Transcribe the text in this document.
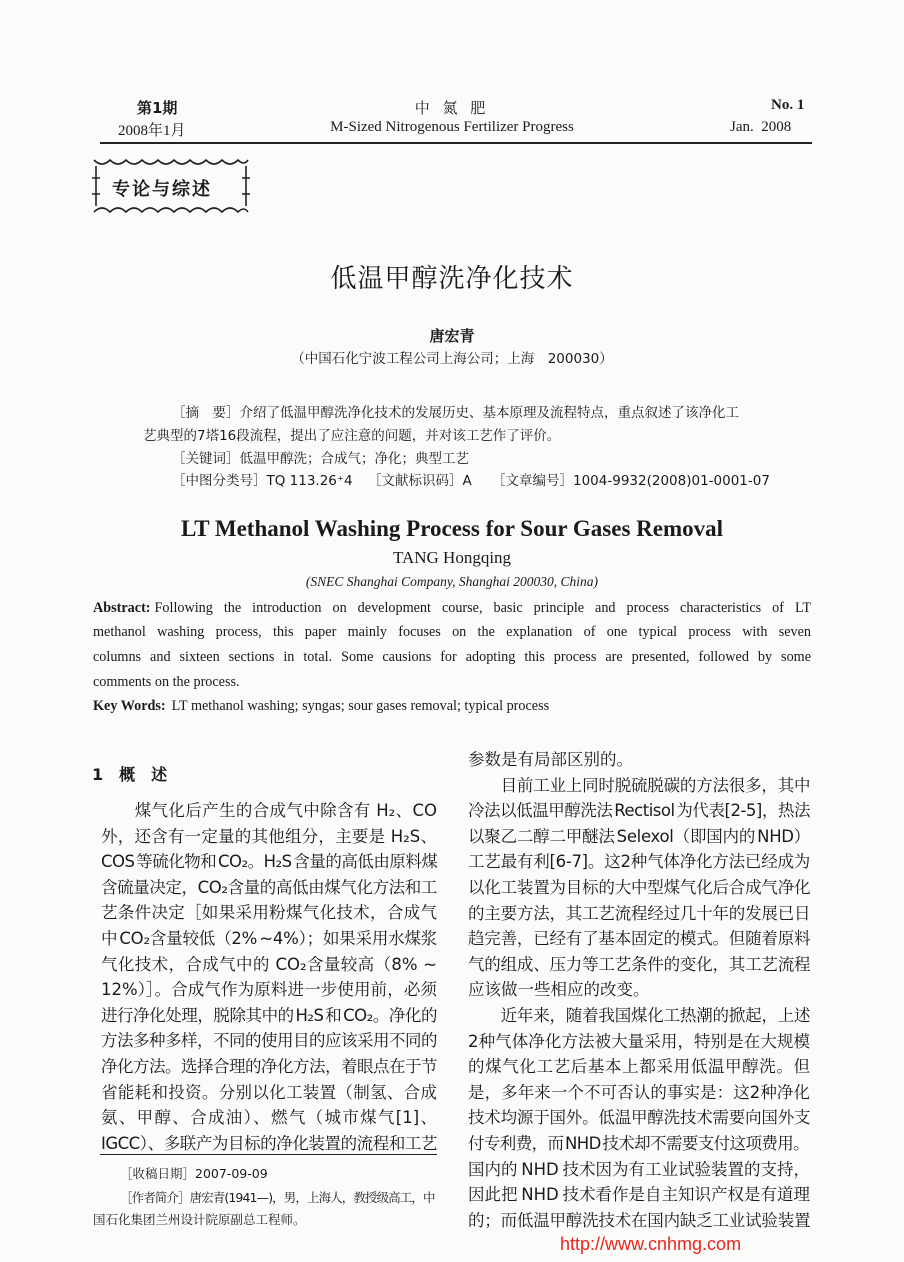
第1期
2008年1月
中 氮 肥
M-Sized Nitrogenous Fertilizer Progress
No. 1
Jan.  2008
专论与综述
低温甲醇洗净化技术
唐宏青
（中国石化宁波工程公司上海公司；上海　200030）
［摘　要］介绍了低温甲醇洗净化技术的发展历史、基本原理及流程特点，重点叙述了该净化工
艺典型的7塔16段流程，提出了应注意的问题，并对该工艺作了评价。
［关键词］低温甲醇洗；合成气；净化；典型工艺
［中图分类号］TQ 113.26⁺4	［文献标识码］A	［文章编号］1004-9932(2008)01-0001-07
LT Methanol Washing Process for Sour Gases Removal
TANG Hongqing
(SNEC Shanghai Company, Shanghai 200030, China)
Abstract: Following the introduction on development course, basic principle and process characteristics of LT
methanol washing process, this paper mainly focuses on the explanation of one typical process with seven
columns and sixteen sections in total. Some causions for adopting this process are presented, followed by some
comments on the process.
Key Words: LT methanol washing; syngas; sour gases removal; typical process
1　概　述
　　煤气化后产生的合成气中除含有 H₂、CO
外，还含有一定量的其他组分，主要是 H₂S、
COS 等硫化物和 CO₂。H₂S 含量的高低由原料煤
含硫量决定，CO₂含量的高低由煤气化方法和工
艺条件决定［如果采用粉煤气化技术，合成气
中 CO₂含量较低（2% ~4%）；如果采用水煤浆
气化技术，合成气中的 CO₂含量较高（8% ~
12%）］。合成气作为原料进一步使用前，必须
进行净化处理，脱除其中的 H₂S 和 CO₂。净化的
方法多种多样，不同的使用目的应该采用不同的
净化方法。选择合理的净化方法，着眼点在于节
省能耗和投资。分别以化工装置（制氢、合成
氨、甲醇、合成油）、燃气（城市煤气[1]、
IGCC）、多联产为目标的净化装置的流程和工艺
参数是有局部区别的。
　　目前工业上同时脱硫脱碳的方法很多，其中
冷法以低温甲醇洗法 Rectisol 为代表[2-5]，热法
以聚乙二醇二甲醚法 Selexol（即国内的 NHD）
工艺最有利[6-7]。这2种气体净化方法已经成为
以化工装置为目标的大中型煤气化后合成气净化
的主要方法，其工艺流程经过几十年的发展已日
趋完善，已经有了基本固定的模式。但随着原料
气的组成、压力等工艺条件的变化，其工艺流程
应该做一些相应的改变。
　　近年来，随着我国煤化工热潮的掀起，上述
2种气体净化方法被大量采用，特别是在大规模
的煤气化工艺后基本上都采用低温甲醇洗。但
是，多年来一个不可否认的事实是：这2种净化
技术均源于国外。低温甲醇洗技术需要向国外支
付专利费，而 NHD 技术却不需要支付这项费用。
国内的 NHD 技术因为有工业试验装置的支持，
因此把 NHD 技术看作是自主知识产权是有道理
的；而低温甲醇洗技术在国内缺乏工业试验装置
［收稿日期］2007-09-09
［作者简介］唐宏青(1941—)，男，上海人，教授级高工，中
国石化集团兰州设计院原副总工程师。
http://www.cnhmg.com
